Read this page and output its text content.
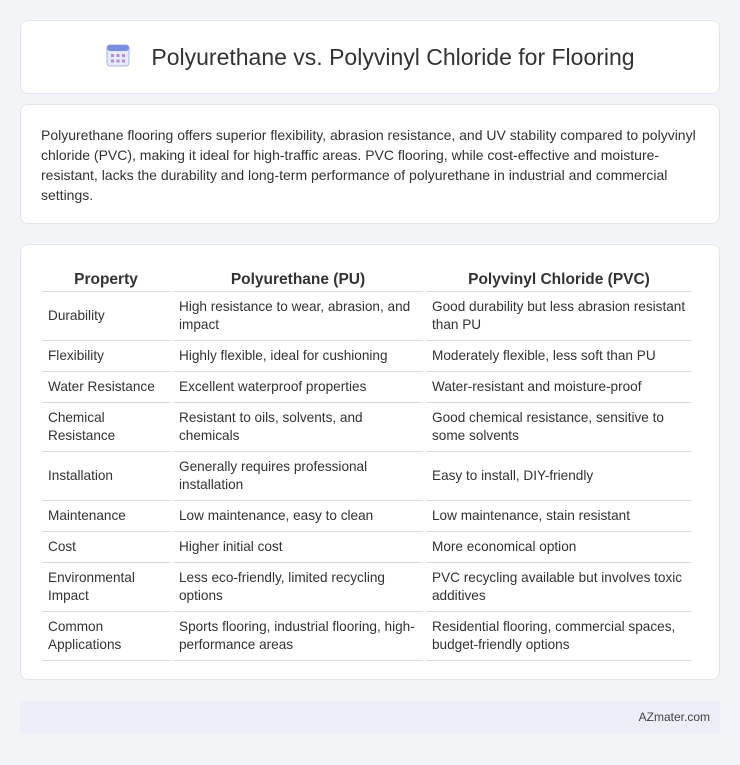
Polyurethane vs. Polyvinyl Chloride for Flooring

Polyurethane flooring offers superior flexibility, abrasion resistance, and UV stability compared to polyvinyl chloride (PVC), making it ideal for high-traffic areas. PVC flooring, while cost-effective and moisture-resistant, lacks the durability and long-term performance of polyurethane in industrial and commercial settings.

Property	Polyurethane (PU)	Polyvinyl Chloride (PVC)
Durability	High resistance to wear, abrasion, and impact	Good durability but less abrasion resistant than PU
Flexibility	Highly flexible, ideal for cushioning	Moderately flexible, less soft than PU
Water Resistance	Excellent waterproof properties	Water-resistant and moisture-proof
Chemical Resistance	Resistant to oils, solvents, and chemicals	Good chemical resistance, sensitive to some solvents
Installation	Generally requires professional installation	Easy to install, DIY-friendly
Maintenance	Low maintenance, easy to clean	Low maintenance, stain resistant
Cost	Higher initial cost	More economical option
Environmental Impact	Less eco-friendly, limited recycling options	PVC recycling available but involves toxic additives
Common Applications	Sports flooring, industrial flooring, high-performance areas	Residential flooring, commercial spaces, budget-friendly options
AZmater.com
